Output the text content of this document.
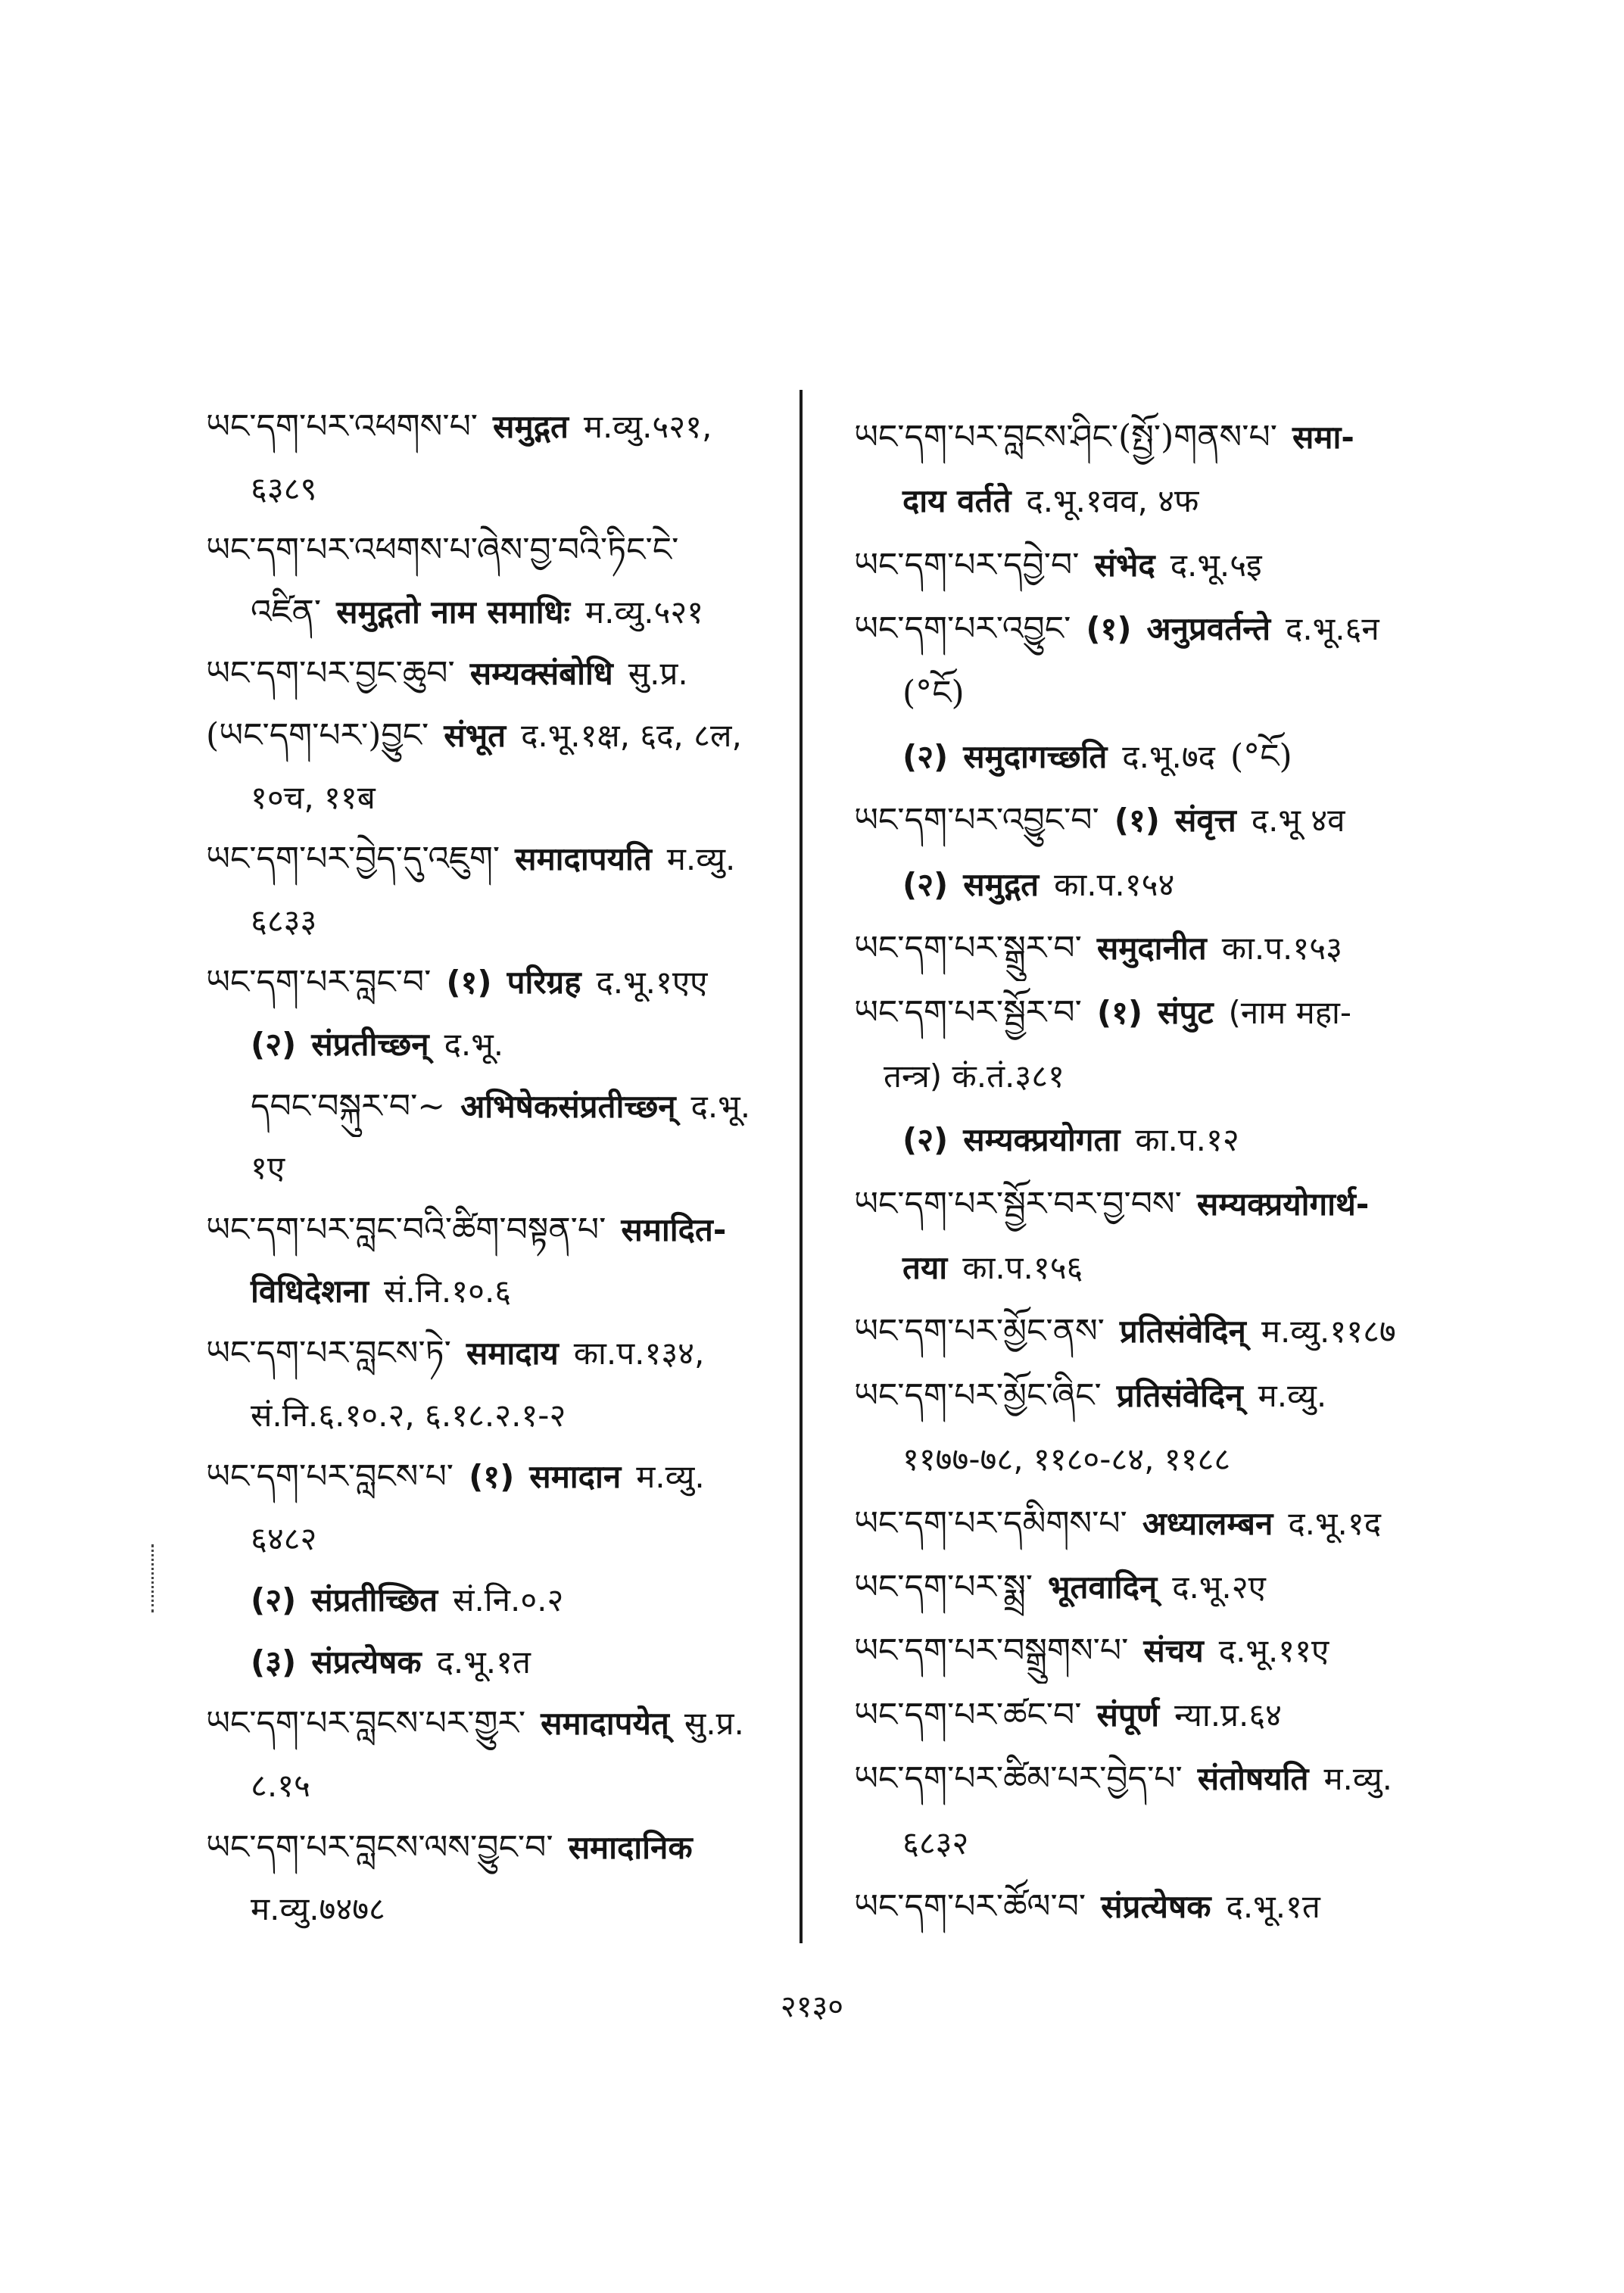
ཡང་དག་པར་འཕགས་པ་ समुद्गत म.व्यु.५२१,
६३८९
ཡང་དག་པར་འཕགས་པ་ཞེས་བྱ་བའི་ཏིང་ངེ་
འཛིན་ समुद्गतो नाम समाधिः म.व्यु.५२१
ཡང་དག་པར་བྱང་ཆུབ་ सम्यक्संबोधि सु.प्र.
(ཡང་དག་པར་)བྱུང་ संभूत द.भू.१क्ष, ६द, ८ल,
१०च, ११ब
ཡང་དག་པར་བྱེད་དུ་འཇུག་ समादापयति म.व्यु.
६८३३
ཡང་དག་པར་བླང་བ་ (१) परिग्रह द.भू.१एए
(२) संप्रतीच्छन् द.भू.
དབང་བསྐུར་བ་~ अभिषेकसंप्रतीच्छन् द.भू.
१ए
ཡང་དག་པར་བླང་བའི་ཚིག་བསྟན་པ་ समादित-
विधिदेशना सं.नि.१०.६
ཡང་དག་པར་བླངས་ཏེ་ समादाय का.प.१३४,
सं.नि.६.१०.२, ६.१८.२.१-२
ཡང་དག་པར་བླངས་པ་ (१) समादान म.व्यु.
६४८२
(२) संप्रतीच्छित सं.नि.०.२
(३) संप्रत्येषक द.भू.१त
ཡང་དག་པར་བླངས་པར་གྱུར་ समादापयेत् सु.प्र.
८.१५
ཡང་དག་པར་བླངས་ལས་བྱུང་བ་ समादानिक
म.व्यु.७४७८
ཡང་དག་པར་བླངས་ཤིང་(སྤྱོ་)གནས་པ་ समा-
दाय वर्तते द.भू.१वव, ४फ
ཡང་དག་པར་དབྱེ་བ་ संभेद द.भू.५इ
ཡང་དག་པར་འབྱུང་ (१) अनुप्रवर्तन्ते द.भू.६न
(°ངོ)
(२) समुदागच्छति द.भू.७द (°ངོ)
ཡང་དག་པར་འབྱུང་བ་ (१) संवृत्त द.भू ४व
(२) समुद्गत का.प.१५४
ཡང་དག་པར་སྒྲུར་བ་ समुदानीत का.प.१५३
ཡང་དག་པར་སྦྱོར་བ་ (१) संपुट (नाम महा-
तन्त्र) कं.तं.३८१
(२) सम्यक्प्रयोगता का.प.१२
ཡང་དག་པར་སྦྱོར་བར་བྱ་བས་ सम्यक्प्रयोगार्थ-
तया का.प.१५६
ཡང་དག་པར་མྱོང་ནས་ प्रतिसंवेदिन् म.व्यु.११८७
ཡང་དག་པར་མྱོང་ཞིང་ प्रतिसंवेदिन् म.व्यु.
११७७-७८, ११८०-८४, ११८८
ཡང་དག་པར་དམིགས་པ་ अध्यालम्बन द.भू.१द
ཡང་དག་པར་སྨྲ་ भूतवादिन् द.भू.२ए
ཡང་དག་པར་བསྒྲུགས་པ་ संचय द.भू.११ए
ཡང་དག་པར་ཚང་བ་ संपूर्ण न्या.प्र.६४
ཡང་དག་པར་ཚིམ་པར་བྱེད་པ་ संतोषयति म.व्यु.
६८३२
ཡང་དག་པར་ཚོལ་བ་ संप्रत्येषक द.भू.१त
२१३०
